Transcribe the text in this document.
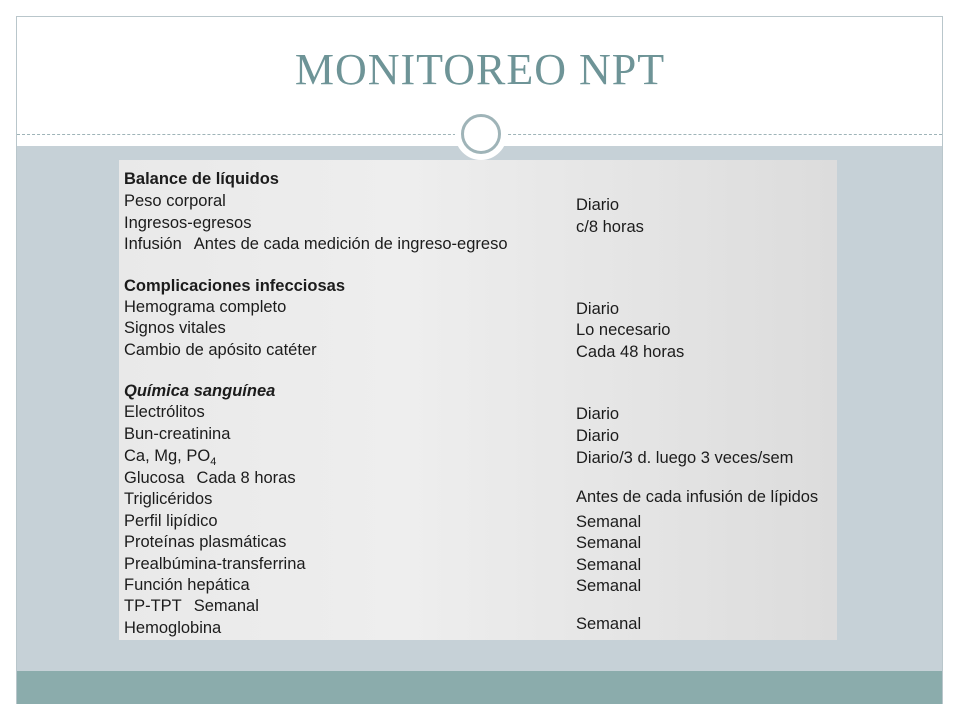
MONITOREO NPT
Balance de líquidos
Peso corporal	Diario
Ingresos-egresos	c/8 horas
Infusión Antes de cada medición de ingreso-egreso
Complicaciones infecciosas
Hemograma completo	Diario
Signos vitales	Lo necesario
Cambio de apósito catéter	Cada 48 horas
Química sanguínea
Electrólitos	Diario
Bun-creatinina	Diario
Ca, Mg, $PO_4$	Diario/3 d. luego 3 veces/sem
Glucosa Cada 8 horas
Triglicéridos	Antes de cada infusión de lípidos
Perfil lipídico	Semanal
Proteínas plasmáticas	Semanal
Prealbúmina-transferrina	Semanal
Función hepática	Semanal
TP-TPT Semanal
Hemoglobina	Semanal
